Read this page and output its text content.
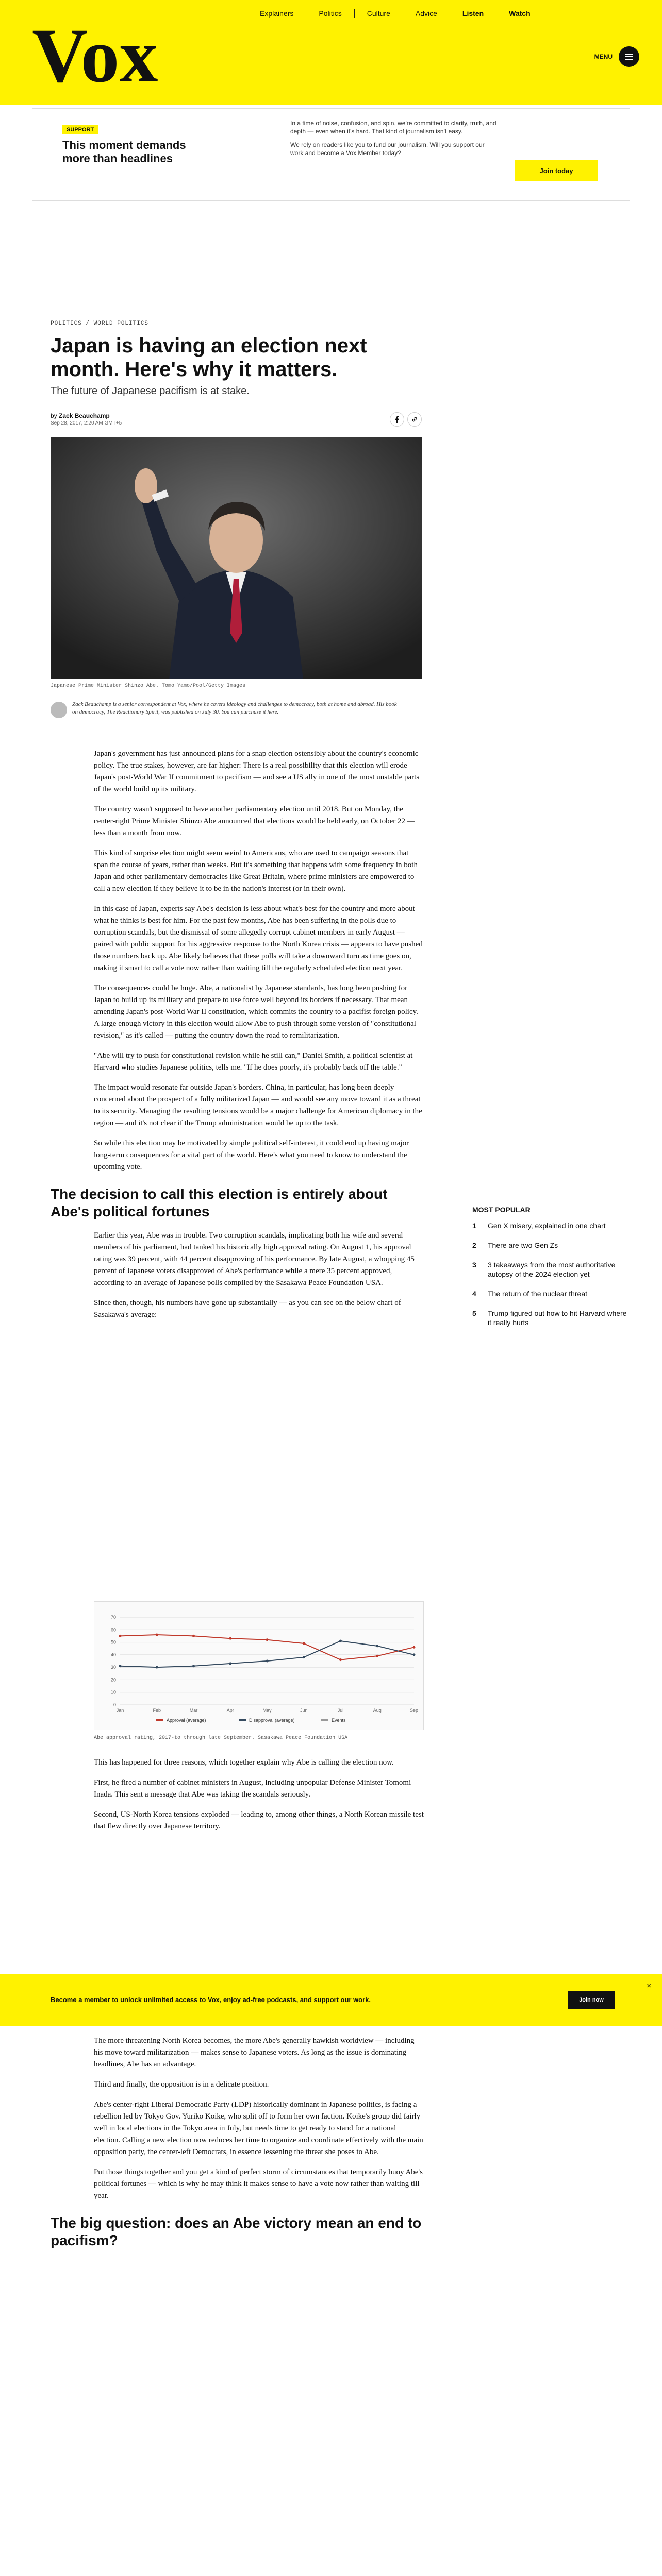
Vox	Explainers	Politics	Culture	Advice	Listen	Watch
MENU
SUPPORT
This moment demands more than headlines

In a time of noise, confusion, and spin, we're committed to clarity, truth, and depth — even when it's hard. That kind of journalism isn't easy.

We rely on readers like you to fund our journalism. Will you support our work and become a Vox Member today?

Join today
POLITICS / WORLD POLITICS
Japan is having an election next month. Here's why it matters.
The future of Japanese pacifism is at stake.
by Zack Beauchamp
Sep 28, 2017, 2:20 AM GMT+5
Japanese Prime Minister Shinzo Abe. Tomo Yamo/Pool/Getty Images
Zack Beauchamp is a senior correspondent at Vox, where he covers ideology and challenges to democracy, both at home and abroad. His book on democracy, The Reactionary Spirit, was published on July 30. You can purchase it here.

Japan's government has just announced plans for a snap election ostensibly about the country's economic policy. The true stakes, however, are far higher: There is a real possibility that this election will erode Japan's post-World War II commitment to pacifism — and see a US ally in one of the most unstable parts of the world build up its military.

The country wasn't supposed to have another parliamentary election until 2018. But on Monday, the center-right Prime Minister Shinzo Abe announced that elections would be held early, on October 22 — less than a month from now.

This kind of surprise election might seem weird to Americans, who are used to campaign seasons that span the course of years, rather than weeks. But it's something that happens with some frequency in both Japan and other parliamentary democracies like Great Britain, where prime ministers are empowered to call a new election if they believe it to be in the nation's interest (or in their own).

In this case of Japan, experts say Abe's decision is less about what's best for the country and more about what he thinks is best for him. For the past few months, Abe has been suffering in the polls due to corruption scandals, but the dismissal of some allegedly corrupt cabinet members in early August — paired with public support for his aggressive response to the North Korea crisis — appears to have pushed those numbers back up. Abe likely believes that these polls will take a downward turn as time goes on, making it smart to call a vote now rather than waiting till the regularly scheduled election next year.

The consequences could be huge. Abe, a nationalist by Japanese standards, has long been pushing for Japan to build up its military and prepare to use force well beyond its borders if necessary. That mean amending Japan's post-World War II constitution, which commits the country to a pacifist foreign policy. A large enough victory in this election would allow Abe to push through some version of "constitutional revision," as it's called — putting the country down the road to remilitarization.

"Abe will try to push for constitutional revision while he still can," Daniel Smith, a political scientist at Harvard who studies Japanese politics, tells me. "If he does poorly, it's probably back off the table."

The impact would resonate far outside Japan's borders. China, in particular, has long been deeply concerned about the prospect of a fully militarized Japan — and would see any move toward it as a threat to its security. Managing the resulting tensions would be a major challenge for American diplomacy in the region — and it's not clear if the Trump administration would be up to the task.

So while this election may be motivated by simple political self-interest, it could end up having major long-term consequences for a vital part of the world. Here's what you need to know to understand the upcoming vote.

The decision to call this election is entirely about Abe's political fortunes

Earlier this year, Abe was in trouble. Two corruption scandals, implicating both his wife and several members of his parliament, had tanked his historically high approval rating. On August 1, his approval rating was 39 percent, with 44 percent disapproving of his performance. By late August, a whopping 45 percent of Japanese voters disapproved of Abe's performance while a mere 35 percent approved, according to an average of Japanese polls compiled by the Sasakawa Peace Foundation USA.

Since then, though, his numbers have gone up substantially — as you can see on the below chart of Sasakawa's average:

0
10
20
30
40
50
60
70
Jan	Feb	Mar	Apr	May	Jun	Jul	Aug	Sep
Approval (average)	Disapproval (average)	Events
Abe approval rating, 2017-to through late September. Sasakawa Peace Foundation USA

This has happened for three reasons, which together explain why Abe is calling the election now.

First, he fired a number of cabinet ministers in August, including unpopular Defense Minister Tomomi Inada. This sent a message that Abe was taking the scandals seriously.

Second, US-North Korea tensions exploded — leading to, among other things, a North Korean missile test that flew directly over Japanese territory.

Become a member to unlock unlimited access to Vox, enjoy ad-free podcasts, and support our work.	Join now
×

The more threatening North Korea becomes, the more Abe's generally hawkish worldview — including his move toward militarization — makes sense to Japanese voters. As long as the issue is dominating headlines, Abe has an advantage.

Third and finally, the opposition is in a delicate position.

Abe's center-right Liberal Democratic Party (LDP) historically dominant in Japanese politics, is facing a rebellion led by Tokyo Gov. Yuriko Koike, who split off to form her own faction. Koike's group did fairly well in local elections in the Tokyo area in July, but needs time to get ready to stand for a national election. Calling a new election now reduces her time to organize and coordinate effectively with the main opposition party, the center-left Democrats, in essence lessening the threat she poses to Abe.

Put those things together and you get a kind of perfect storm of circumstances that temporarily buoy Abe's political fortunes — which is why he may think it makes sense to have a vote now rather than waiting till year.

The big question: does an Abe victory mean an end to pacifism?

MOST POPULAR
1	Gen X misery, explained in one chart
2	There are two Gen Zs
3	3 takeaways from the most authoritative autopsy of the 2024 election yet
4	The return of the nuclear threat
5	Trump figured out how to hit Harvard where it really hurts
